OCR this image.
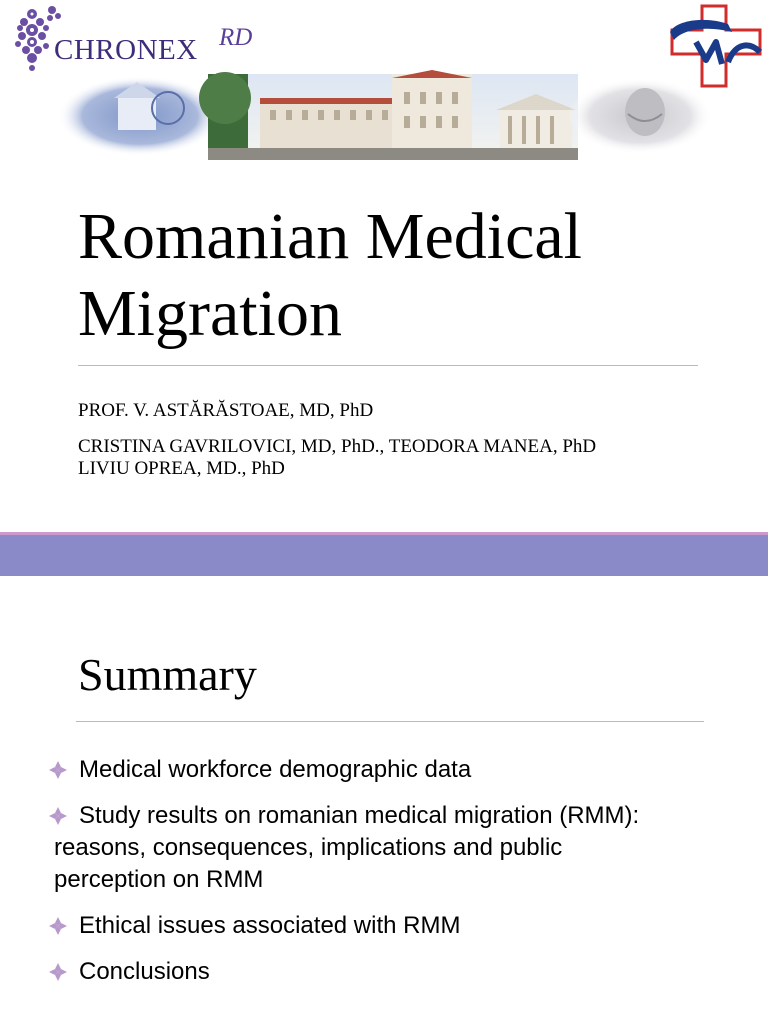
CHRONEX RD
Romanian Medical Migration
PROF. V. ASTĂRĂSTOAE, MD, PhD
CRISTINA GAVRILOVICI, MD, PhD., TEODORA MANEA, PhD
LIVIU OPREA, MD., PhD
Summary
Medical workforce demographic data
Study results on romanian medical migration (RMM):
reasons, consequences, implications and public
perception on RMM
Ethical issues associated with RMM
Conclusions
